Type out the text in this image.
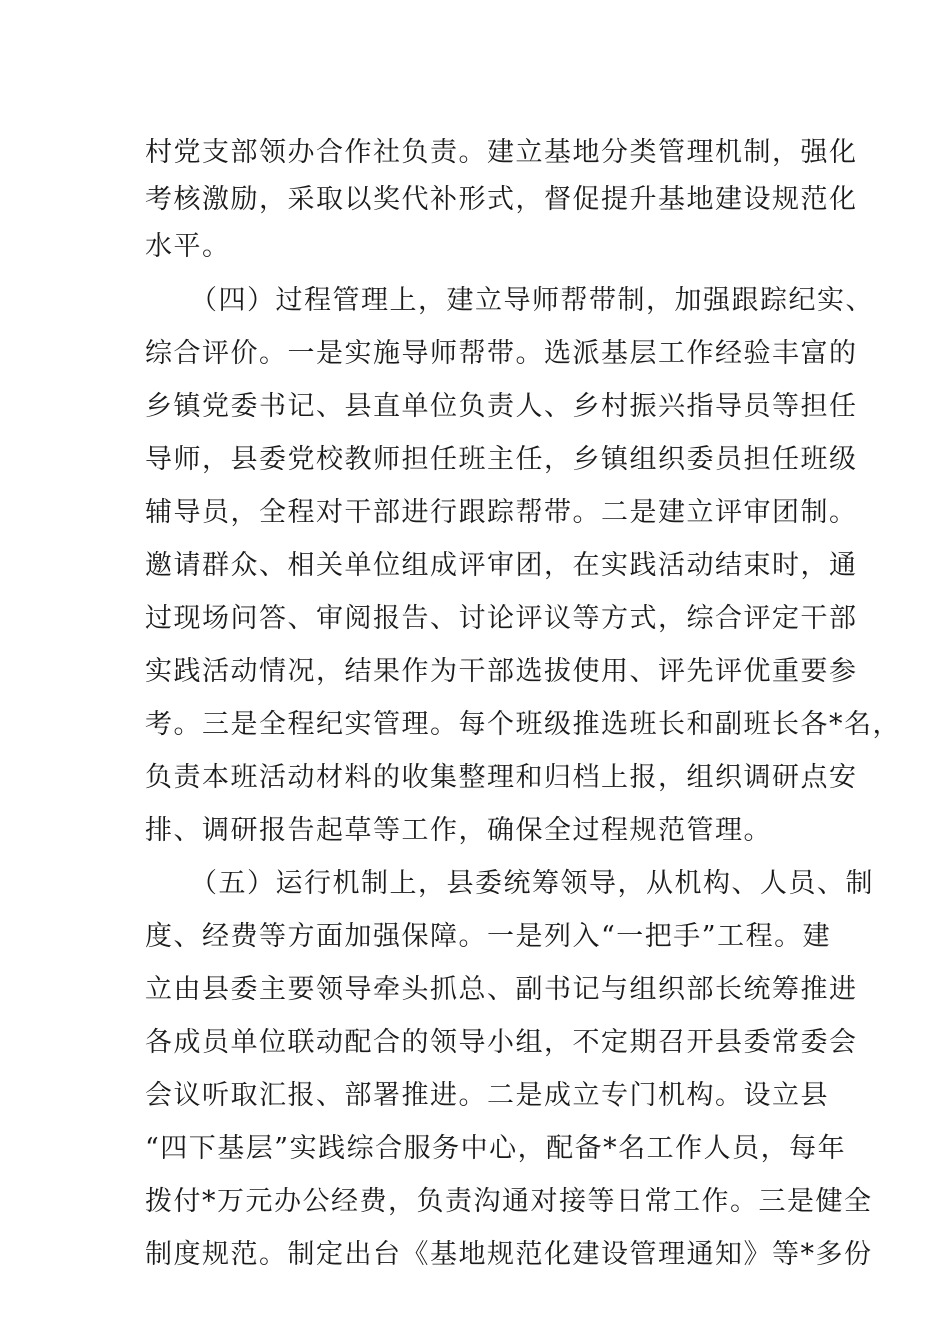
村党支部领办合作社负责。建立基地分类管理机制，强化

考核激励，采取以奖代补形式，督促提升基地建设规范化

水平。

（四）过程管理上，建立导师帮带制，加强跟踪纪实、

综合评价。一是实施导师帮带。选派基层工作经验丰富的

乡镇党委书记、县直单位负责人、乡村振兴指导员等担任

导师，县委党校教师担任班主任，乡镇组织委员担任班级

辅导员，全程对干部进行跟踪帮带。二是建立评审团制。

邀请群众、相关单位组成评审团，在实践活动结束时，通

过现场问答、审阅报告、讨论评议等方式，综合评定干部

实践活动情况，结果作为干部选拔使用、评先评优重要参

考。三是全程纪实管理。每个班级推选班长和副班长各*名，

负责本班活动材料的收集整理和归档上报，组织调研点安

排、调研报告起草等工作，确保全过程规范管理。

（五）运行机制上，县委统筹领导，从机构、人员、制

度、经费等方面加强保障。一是列入“一把手”工程。建

立由县委主要领导牵头抓总、副书记与组织部长统筹推进

各成员单位联动配合的领导小组，不定期召开县委常委会

会议听取汇报、部署推进。二是成立专门机构。设立县

“四下基层”实践综合服务中心，配备*名工作人员，每年

拨付*万元办公经费，负责沟通对接等日常工作。三是健全

制度规范。制定出台《基地规范化建设管理通知》等*多份
